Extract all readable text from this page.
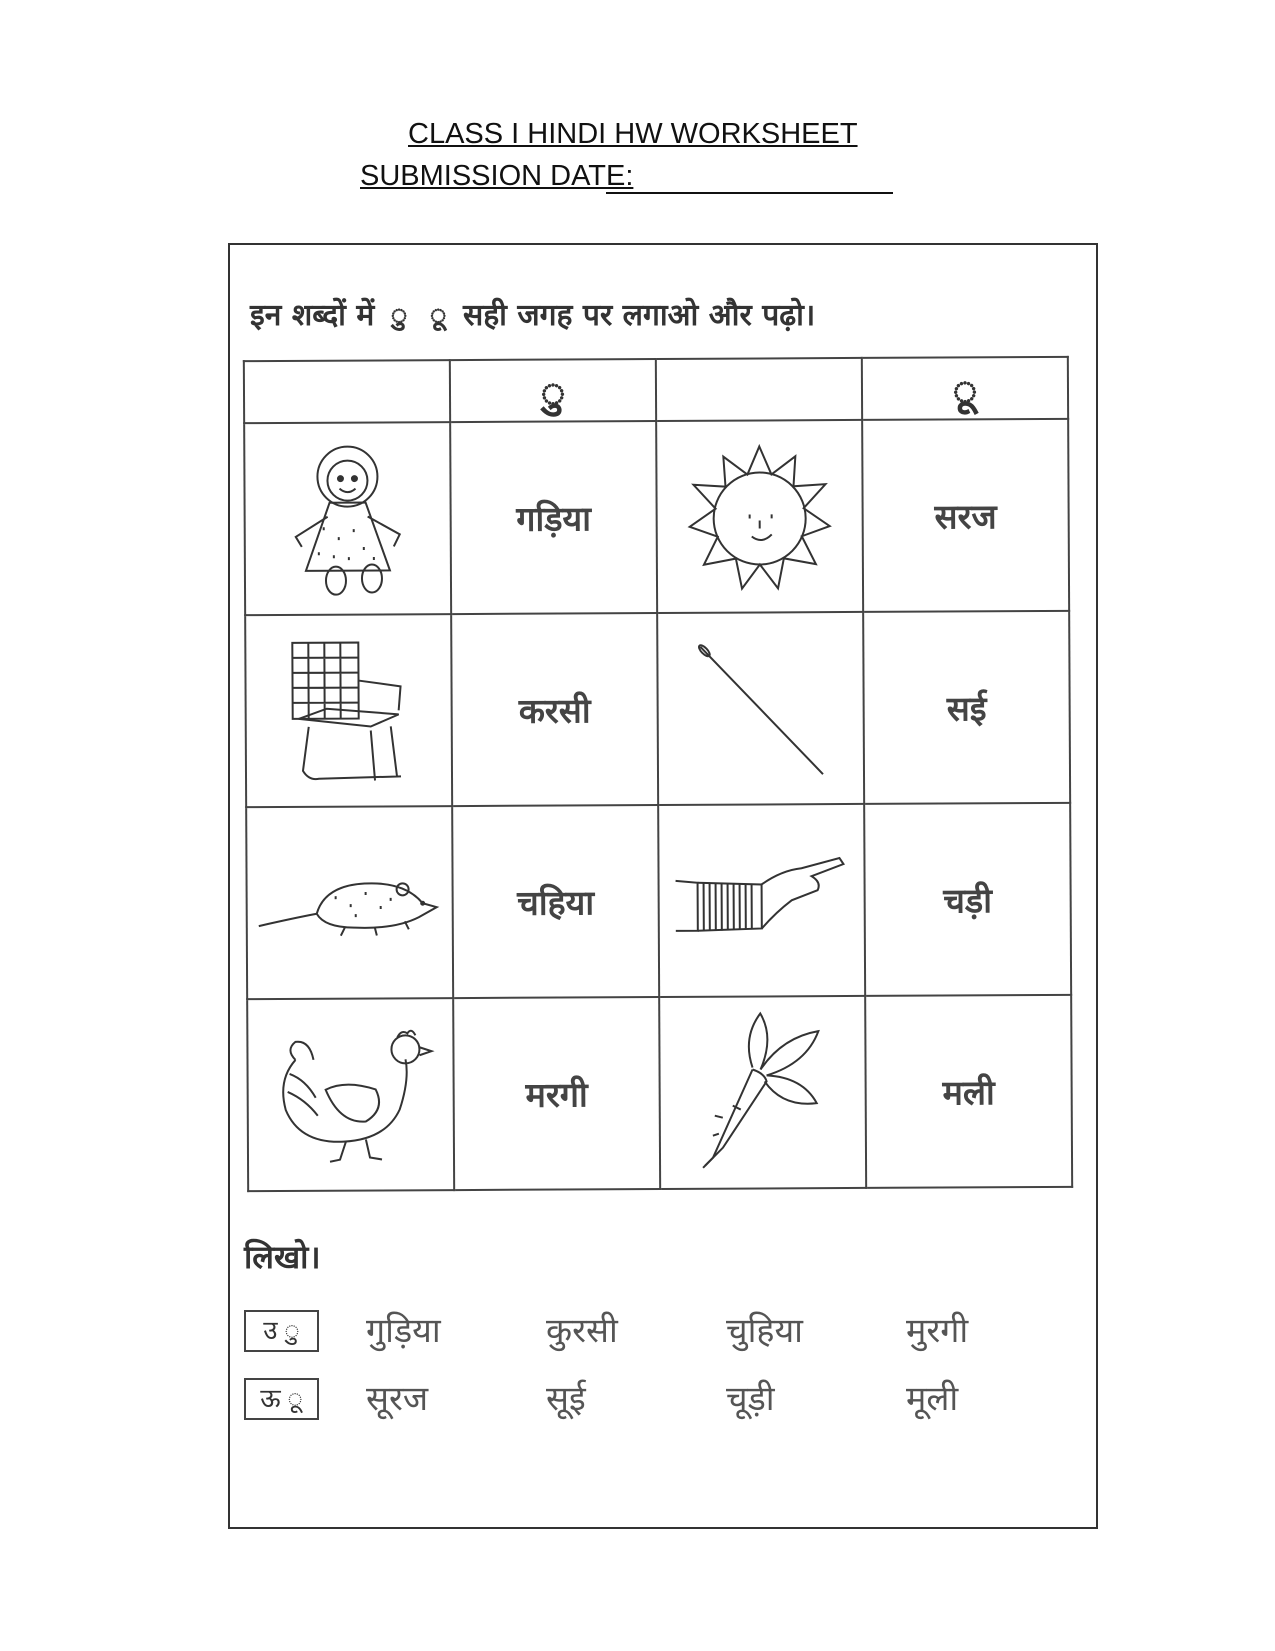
CLASS I HINDI HW WORKSHEET
SUBMISSION DATE:
इन शब्दों में ु ू सही जगह पर लगाओ और पढ़ो।
	ु		ू

	गड़िया		सरज

	करसी		सई

	चहिया		चड़ी

	मरगी		मली
लिखो।
उ ु	गुड़िया	कुरसी	चुहिया	मुरगी
ऊ ू	सूरज	सूई	चूड़ी	मूली
